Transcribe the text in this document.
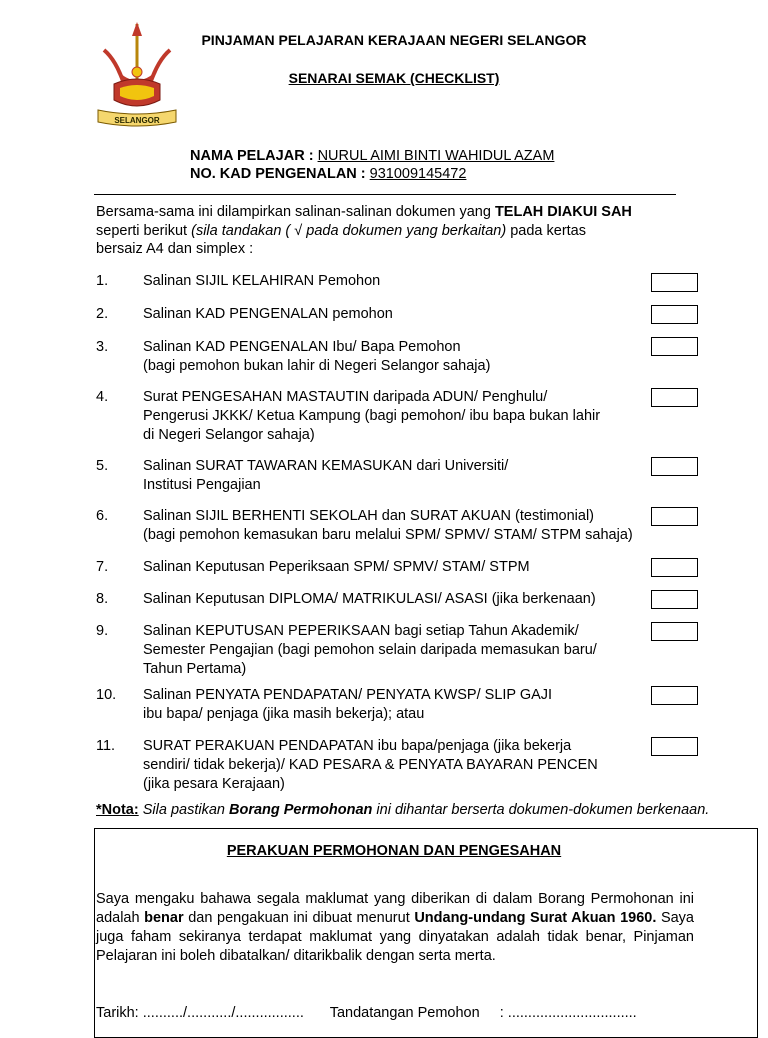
SELANGOR
PINJAMAN PELAJARAN KERAJAAN NEGERI SELANGOR
SENARAI SEMAK (CHECKLIST)
NAMA PELAJAR : NURUL AIMI BINTI WAHIDUL AZAM
NO. KAD PENGENALAN : 931009145472
Bersama-sama ini dilampirkan salinan-salinan dokumen yang TELAH DIAKUI SAH
seperti berikut (sila tandakan ( √ pada dokumen yang berkaitan) pada kertas
bersaiz A4 dan simplex :
1. Salinan SIJIL KELAHIRAN Pemohon
2. Salinan KAD PENGENALAN pemohon
3. Salinan KAD PENGENALAN Ibu/ Bapa Pemohon
(bagi pemohon bukan lahir di Negeri Selangor sahaja)
4. Surat PENGESAHAN MASTAUTIN daripada ADUN/ Penghulu/
Pengerusi JKKK/ Ketua Kampung (bagi pemohon/ ibu bapa bukan lahir
di Negeri Selangor sahaja)
5. Salinan SURAT TAWARAN KEMASUKAN dari Universiti/
Institusi Pengajian
6. Salinan SIJIL BERHENTI SEKOLAH dan SURAT AKUAN (testimonial)
(bagi pemohon kemasukan baru melalui SPM/ SPMV/ STAM/ STPM sahaja)
7. Salinan Keputusan Peperiksaan SPM/ SPMV/ STAM/ STPM
8. Salinan Keputusan DIPLOMA/ MATRIKULASI/ ASASI (jika berkenaan)
9. Salinan KEPUTUSAN PEPERIKSAAN bagi setiap Tahun Akademik/
Semester Pengajian (bagi pemohon selain daripada memasukan baru/
Tahun Pertama)
10. Salinan PENYATA PENDAPATAN/ PENYATA KWSP/ SLIP GAJI
ibu bapa/ penjaga (jika masih bekerja); atau
11. SURAT PERAKUAN PENDAPATAN ibu bapa/penjaga (jika bekerja
sendiri/ tidak bekerja)/ KAD PESARA & PENYATA BAYARAN PENCEN
(jika pesara Kerajaan)
*Nota: Sila pastikan Borang Permohonan ini dihantar berserta dokumen-dokumen berkenaan.
PERAKUAN PERMOHONAN DAN PENGESAHAN
Saya mengaku bahawa segala maklumat yang diberikan di dalam Borang Permohonan ini adalah benar dan pengakuan ini dibuat menurut Undang-undang Surat Akuan 1960. Saya juga faham sekiranya terdapat maklumat yang dinyatakan adalah tidak benar, Pinjaman Pelajaran ini boleh dibatalkan/ ditarikbalik dengan serta merta.
Tarikh: ........../.........../................. Tandatangan Pemohon : ................................
